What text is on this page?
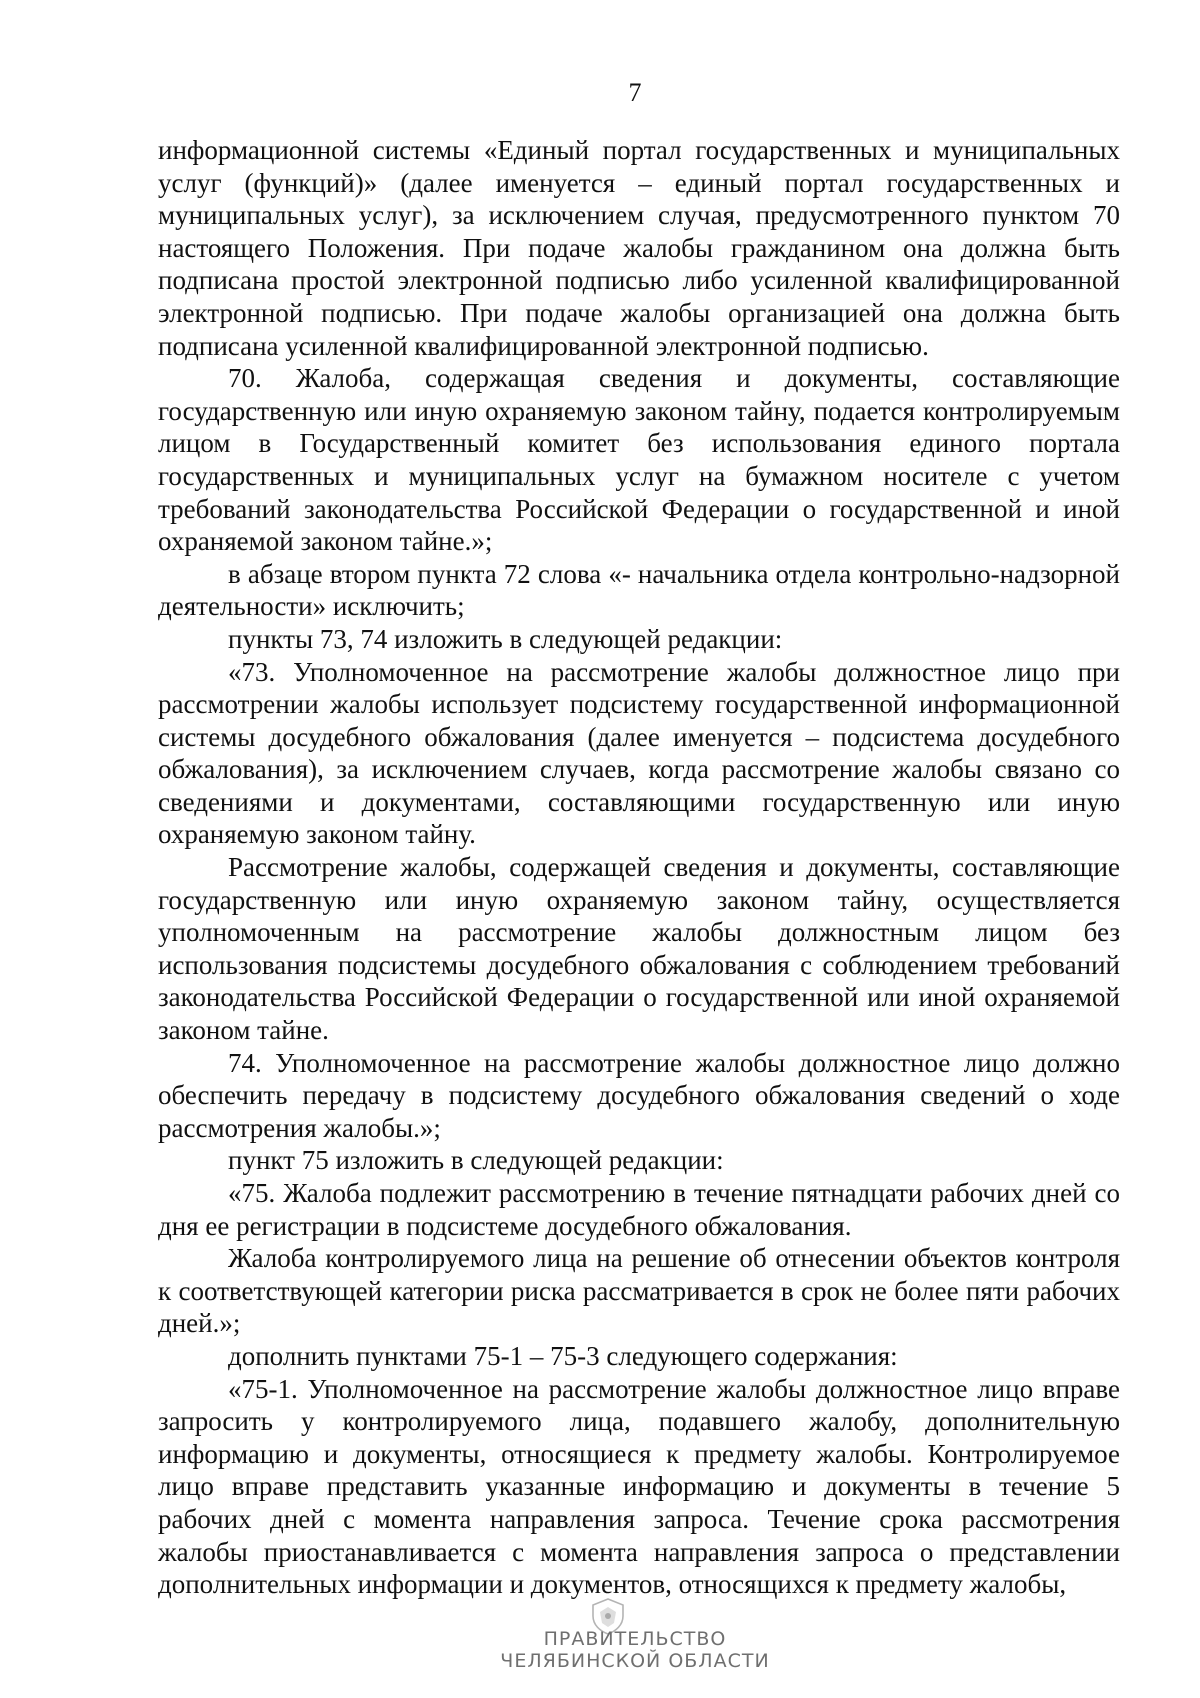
7

информационной системы «Единый портал государственных и муниципальных услуг (функций)» (далее именуется – единый портал государственных и муниципальных услуг), за исключением случая, предусмотренного пунктом 70 настоящего Положения. При подаче жалобы гражданином она должна быть подписана простой электронной подписью либо усиленной квалифицированной электронной подписью. При подаче жалобы организацией она должна быть подписана усиленной квалифицированной электронной подписью.

70. Жалоба, содержащая сведения и документы, составляющие государственную или иную охраняемую законом тайну, подается контролируемым лицом в Государственный комитет без использования единого портала государственных и муниципальных услуг на бумажном носителе с учетом требований законодательства Российской Федерации о государственной и иной охраняемой законом тайне.»;

в абзаце втором пункта 72 слова «- начальника отдела контрольно-надзорной деятельности» исключить;

пункты 73, 74 изложить в следующей редакции:

«73. Уполномоченное на рассмотрение жалобы должностное лицо при рассмотрении жалобы использует подсистему государственной информационной системы досудебного обжалования (далее именуется – подсистема досудебного обжалования), за исключением случаев, когда рассмотрение жалобы связано со сведениями и документами, составляющими государственную или иную охраняемую законом тайну.

Рассмотрение жалобы, содержащей сведения и документы, составляющие государственную или иную охраняемую законом тайну, осуществляется уполномоченным на рассмотрение жалобы должностным лицом без использования подсистемы досудебного обжалования с соблюдением требований законодательства Российской Федерации о государственной или иной охраняемой законом тайне.

74. Уполномоченное на рассмотрение жалобы должностное лицо должно обеспечить передачу в подсистему досудебного обжалования сведений о ходе рассмотрения жалобы.»;

пункт 75 изложить в следующей редакции:

«75. Жалоба подлежит рассмотрению в течение пятнадцати рабочих дней со дня ее регистрации в подсистеме досудебного обжалования.

Жалоба контролируемого лица на решение об отнесении объектов контроля к соответствующей категории риска рассматривается в срок не более пяти рабочих дней.»;

дополнить пунктами 75-1 – 75-3 следующего содержания:

«75-1. Уполномоченное на рассмотрение жалобы должностное лицо вправе запросить у контролируемого лица, подавшего жалобу, дополнительную информацию и документы, относящиеся к предмету жалобы. Контролируемое лицо вправе представить указанные информацию и документы в течение 5 рабочих дней с момента направления запроса. Течение срока рассмотрения жалобы приостанавливается с момента направления запроса о представлении дополнительных информации и документов, относящихся к предмету жалобы,

ПРАВИТЕЛЬСТВО
ЧЕЛЯБИНСКОЙ ОБЛАСТИ
